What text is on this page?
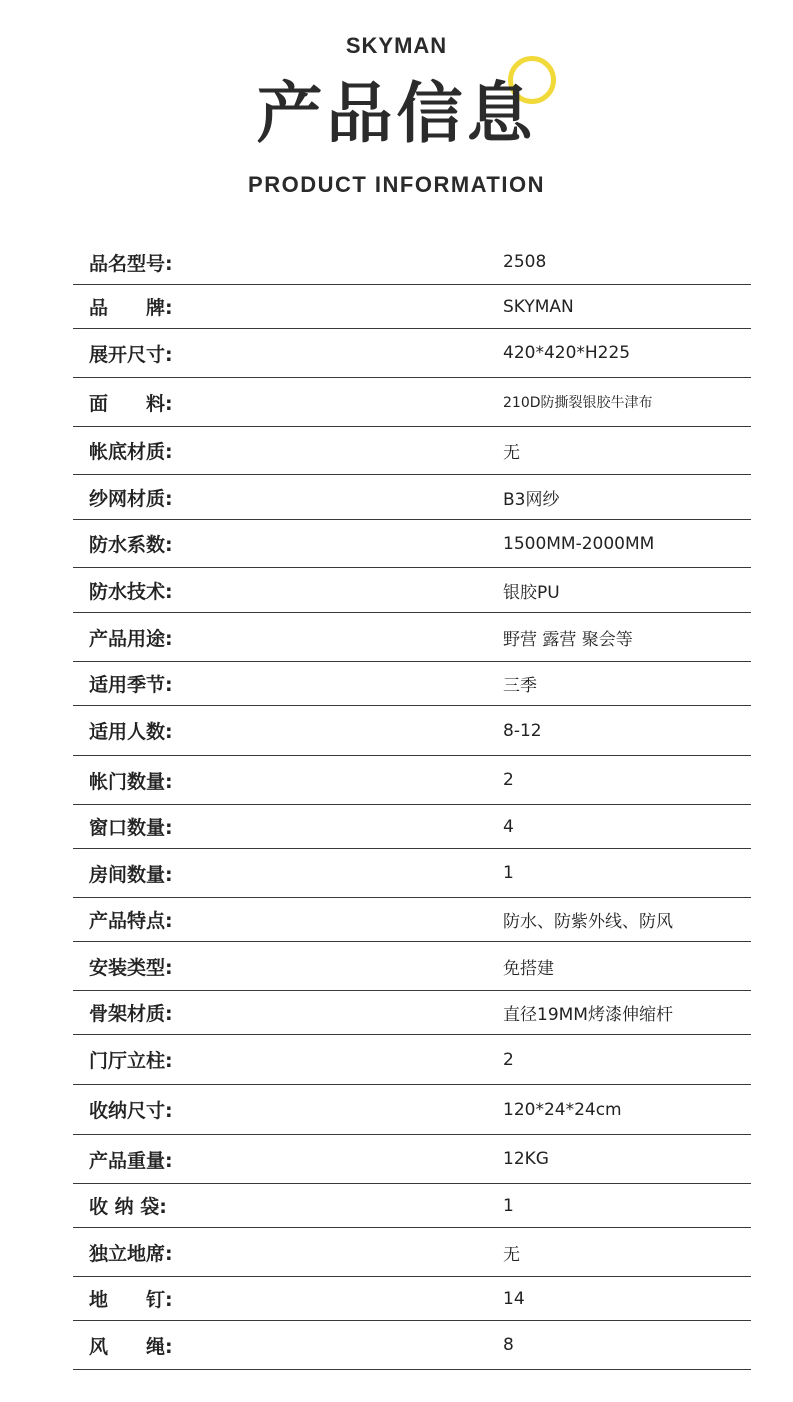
SKYMAN
产品信息
PRODUCT INFORMATION
品名型号:	2508
品　　牌:	SKYMAN
展开尺寸:	420*420*H225
面　　料:	210D防撕裂银胶牛津布
帐底材质:	无
纱网材质:	B3网纱
防水系数:	1500MM-2000MM
防水技术:	银胶PU
产品用途:	野营 露营 聚会等
适用季节:	三季
适用人数:	8-12
帐门数量:	2
窗口数量:	4
房间数量:	1
产品特点:	防水、防紫外线、防风
安装类型:	免搭建
骨架材质:	直径19MM烤漆伸缩杆
门厅立柱:	2
收纳尺寸:	120*24*24cm
产品重量:	12KG
收 纳 袋:	1
独立地席:	无
地　　钉:	14
风　　绳:	8
